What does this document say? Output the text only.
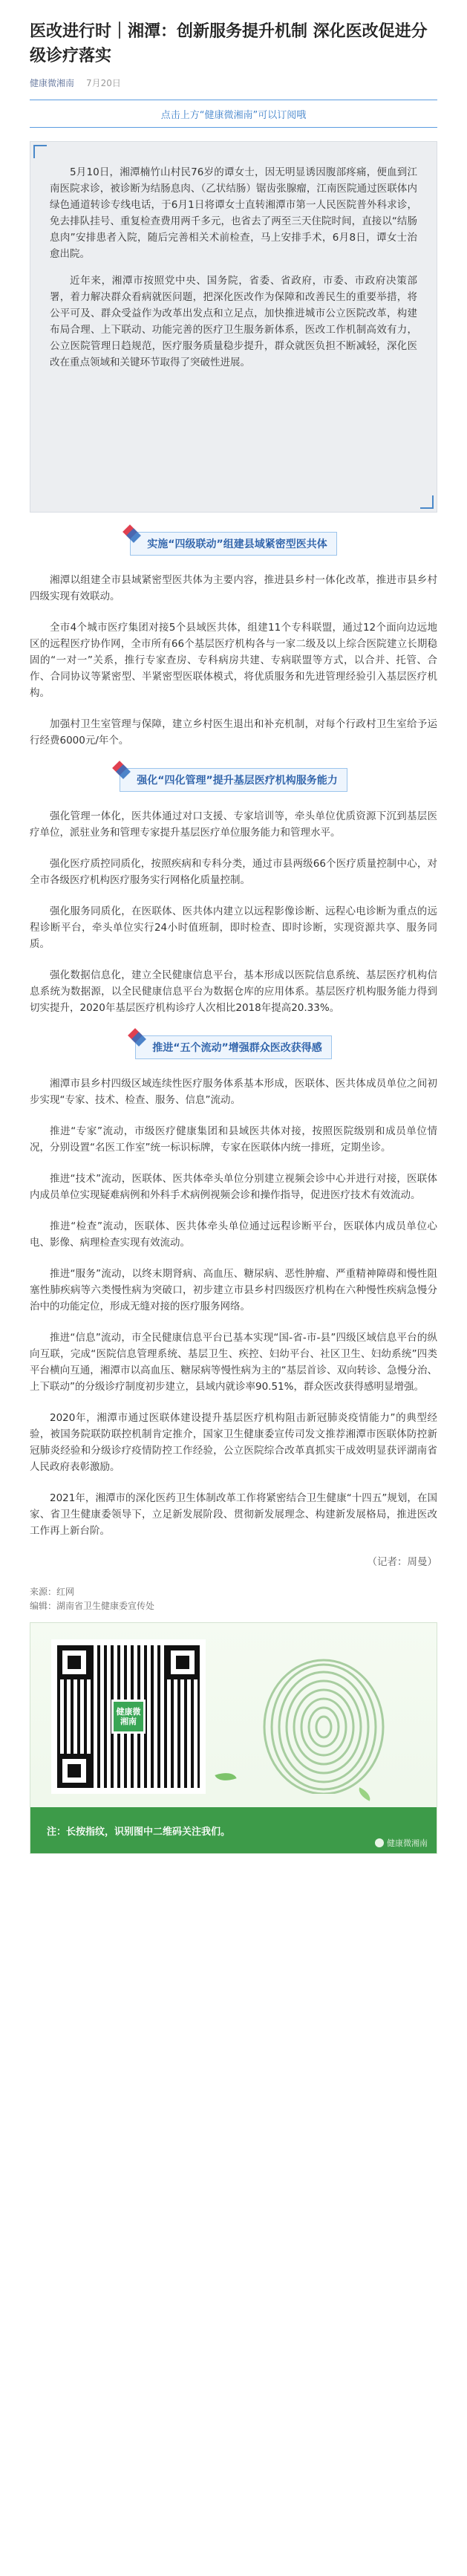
医改进行时｜湘潭：创新服务提升机制 深化医改促进分级诊疗落实
健康微湘南 7月20日
点击上方“健康微湘南”可以订阅哦

5月10日，湘潭楠竹山村民76岁的谭女士，因无明显诱因腹部疼痛，便血到江南医院求诊，被诊断为结肠息肉、（乙状结肠）锯齿张腺瘤，江南医院通过医联体内绿色通道转诊专线电话，于6月1日将谭女士直转湘潭市第一人民医院普外科求诊，免去排队挂号、重复检查费用两千多元，也省去了两至三天住院时间，直接以“结肠息肉”安排患者入院，随后完善相关术前检查，马上安排手术，6月8日，谭女士治愈出院。

近年来，湘潭市按照党中央、国务院，省委、省政府，市委、市政府决策部署，着力解决群众看病就医问题，把深化医改作为保障和改善民生的重要举措，将公平可及、群众受益作为改革出发点和立足点，加快推进城市公立医院改革，构建布局合理、上下联动、功能完善的医疗卫生服务新体系，医改工作机制高效有力，公立医院管理日趋规范，医疗服务质量稳步提升，群众就医负担不断减轻，深化医改在重点领域和关键环节取得了突破性进展。

实施“四级联动”组建县域紧密型医共体

湘潭以组建全市县域紧密型医共体为主要内容，推进县乡村一体化改革，推进市县乡村四级实现有效联动。

全市4个城市医疗集团对接5个县域医共体，组建11个专科联盟，通过12个面向边远地区的远程医疗协作网，全市所有66个基层医疗机构各与一家二级及以上综合医院建立长期稳固的“一对一”关系，推行专家查房、专科病房共建、专病联盟等方式，以合并、托管、合作、合同协议等紧密型、半紧密型医联体模式，将优质服务和先进管理经验引入基层医疗机构。

加强村卫生室管理与保障，建立乡村医生退出和补充机制，对每个行政村卫生室给予运行经费6000元/年个。

强化“四化管理”提升基层医疗机构服务能力

强化管理一体化，医共体通过对口支援、专家培训等，牵头单位优质资源下沉到基层医疗单位，派驻业务和管理专家提升基层医疗单位服务能力和管理水平。

强化医疗质控同质化，按照疾病和专科分类，通过市县两级66个医疗质量控制中心，对全市各级医疗机构医疗服务实行网格化质量控制。

强化服务同质化，在医联体、医共体内建立以远程影像诊断、远程心电诊断为重点的远程诊断平台，牵头单位实行24小时值班制，即时检查、即时诊断，实现资源共享、服务同质。

强化数据信息化，建立全民健康信息平台，基本形成以医院信息系统、基层医疗机构信息系统为数据源，以全民健康信息平台为数据仓库的应用体系。基层医疗机构服务能力得到切实提升，2020年基层医疗机构诊疗人次相比2018年提高20.33%。

推进“五个流动”增强群众医改获得感

湘潭市县乡村四级区域连续性医疗服务体系基本形成，医联体、医共体成员单位之间初步实现“专家、技术、检查、服务、信息”流动。

推进“专家”流动，市级医疗健康集团和县域医共体对接，按照医院级别和成员单位情况，分别设置“名医工作室”统一标识标牌，专家在医联体内统一排班，定期坐诊。

推进“技术”流动，医联体、医共体牵头单位分别建立视频会诊中心并进行对接，医联体内成员单位实现疑难病例和外科手术病例视频会诊和操作指导，促进医疗技术有效流动。

推进“检查”流动，医联体、医共体牵头单位通过远程诊断平台，医联体内成员单位心电、影像、病理检查实现有效流动。

推进“服务”流动，以终末期肾病、高血压、糖尿病、恶性肿瘤、严重精神障碍和慢性阻塞性肺疾病等六类慢性病为突破口，初步建立市县乡村四级医疗机构在六种慢性疾病急慢分治中的功能定位，形成无缝对接的医疗服务网络。

推进“信息”流动，市全民健康信息平台已基本实现“国-省-市-县”四级区域信息平台的纵向互联，完成“医院信息管理系统、基层卫生、疾控、妇幼平台、社区卫生、妇幼系统”四类平台横向互通，湘潭市以高血压、糖尿病等慢性病为主的“基层首诊、双向转诊、急慢分治、上下联动”的分级诊疗制度初步建立，县域内就诊率90.51%，群众医改获得感明显增强。

2020年，湘潭市通过医联体建设提升基层医疗机构阻击新冠肺炎疫情能力”的典型经验，被国务院联防联控机制肯定推介，国家卫生健康委宣传司发文推荐湘潭市医联体防控新冠肺炎经验和分级诊疗疫情防控工作经验，公立医院综合改革真抓实干成效明显获评湖南省人民政府表彰激励。

2021年，湘潭市的深化医药卫生体制改革工作将紧密结合卫生健康“十四五”规划，在国家、省卫生健康委领导下，立足新发展阶段、贯彻新发展理念、构建新发展格局，推进医改工作再上新台阶。

（记者：周曼）

来源：红网
编辑：湖南省卫生健康委宣传处
健康微湘南
注：长按指纹，识别图中二维码关注我们。
健康微湘南
